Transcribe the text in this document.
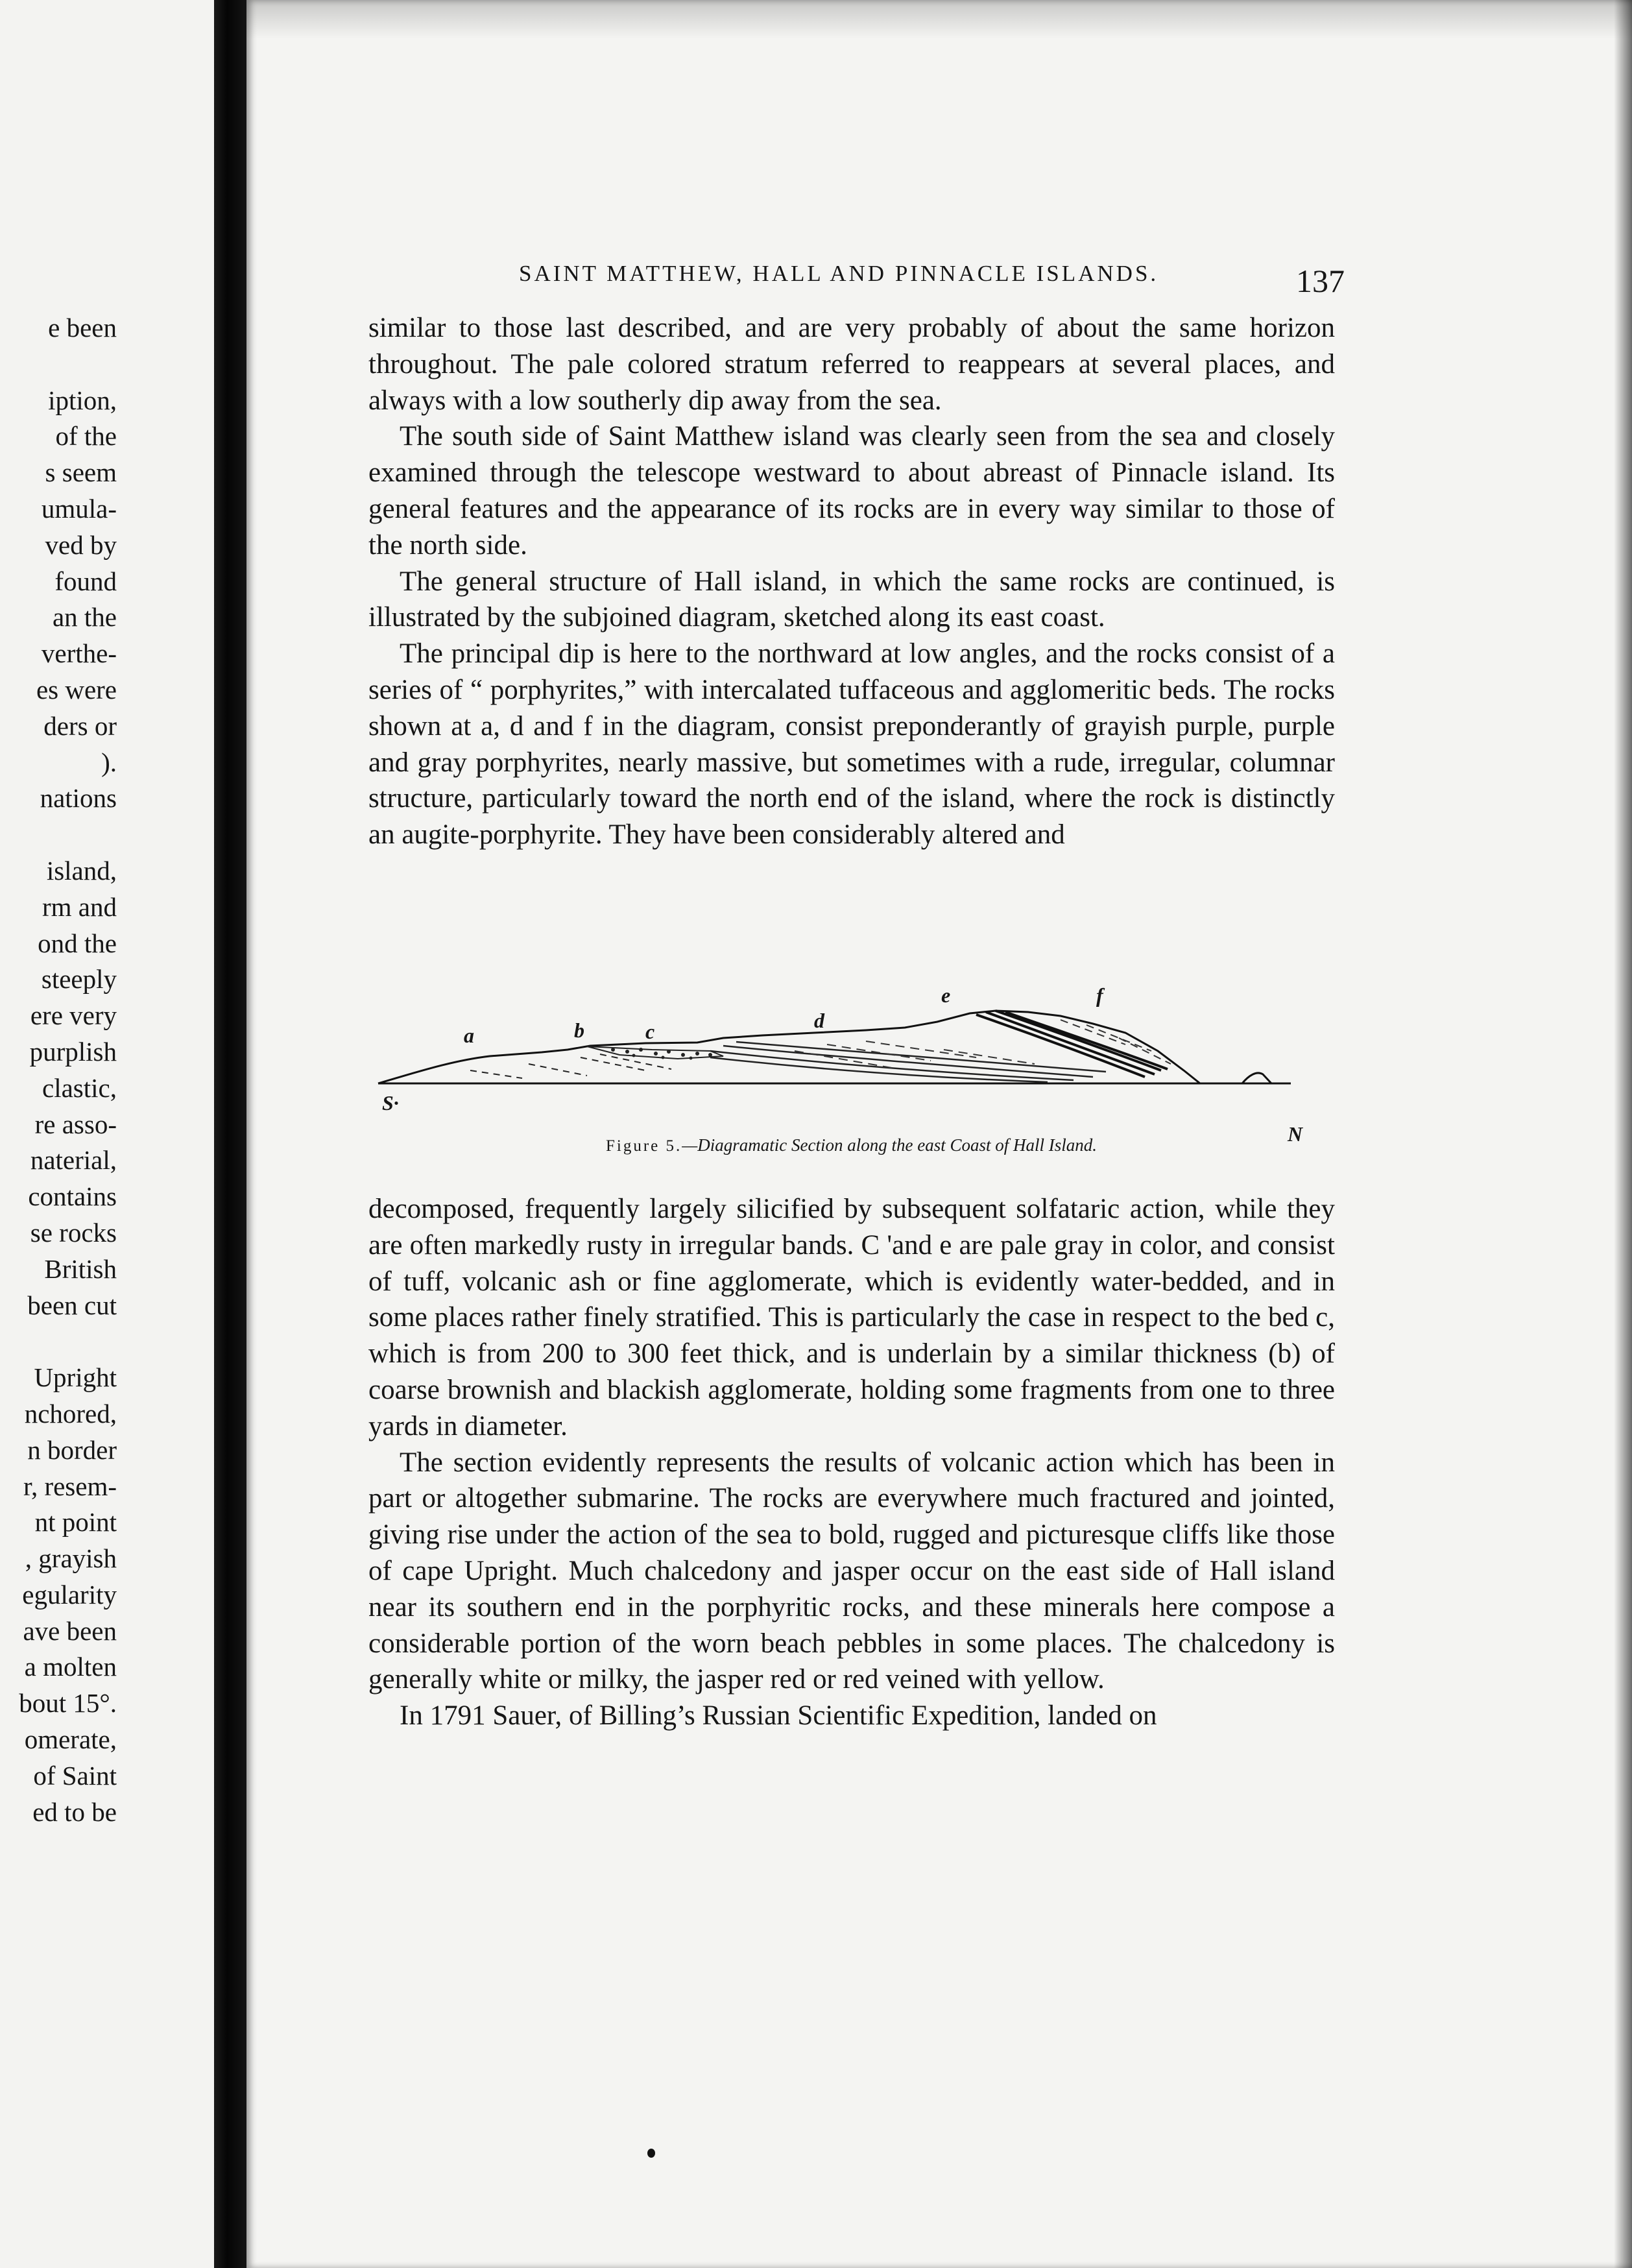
e been
iption,
of the
s seem
umula-
ved by
found
an the
verthe-
es were
ders or
).
nations
island,
rm and
ond the
steeply
ere very
purplish
clastic,
re asso-
naterial,
contains
se rocks
British
been cut
Upright
nchored,
n border
r, resem-
nt point
, grayish
egularity
ave been
a molten
bout 15°.
omerate,
of Saint
ed to be
SAINT MATTHEW, HALL AND PINNACLE ISLANDS.	137

similar to those last described, and are very probably of about the same horizon throughout. The pale colored stratum referred to reappears at several places, and always with a low southerly dip away from the sea.

The south side of Saint Matthew island was clearly seen from the sea and closely examined through the telescope westward to about abreast of Pinnacle island. Its general features and the appearance of its rocks are in every way similar to those of the north side.

The general structure of Hall island, in which the same rocks are continued, is illustrated by the subjoined diagram, sketched along its east coast.

The principal dip is here to the northward at low angles, and the rocks consist of a series of “ porphyrites,” with intercalated tuffaceous and agglomeritic beds. The rocks shown at a, d and f in the diagram, consist preponderantly of grayish purple, purple and gray porphyrites, nearly massive, but sometimes with a rude, irregular, columnar structure, particularly toward the north end of the island, where the rock is distinctly an augite-porphyrite. They have been considerably altered and

a	b	c	d
e	f
S·
N
Figure 5.—Diagramatic Section along the east Coast of Hall Island.

decomposed, frequently largely silicified by subsequent solfataric action, while they are often markedly rusty in irregular bands. C 'and e are pale gray in color, and consist of tuff, volcanic ash or fine agglomerate, which is evidently water-bedded, and in some places rather finely stratified. This is particularly the case in respect to the bed c, which is from 200 to 300 feet thick, and is underlain by a similar thickness (b) of coarse brownish and blackish agglomerate, holding some fragments from one to three yards in diameter.

The section evidently represents the results of volcanic action which has been in part or altogether submarine. The rocks are everywhere much fractured and jointed, giving rise under the action of the sea to bold, rugged and picturesque cliffs like those of cape Upright. Much chalcedony and jasper occur on the east side of Hall island near its southern end in the porphyritic rocks, and these minerals here compose a considerable portion of the worn beach pebbles in some places. The chalcedony is generally white or milky, the jasper red or red veined with yellow.

In 1791 Sauer, of Billing’s Russian Scientific Expedition, landed on
